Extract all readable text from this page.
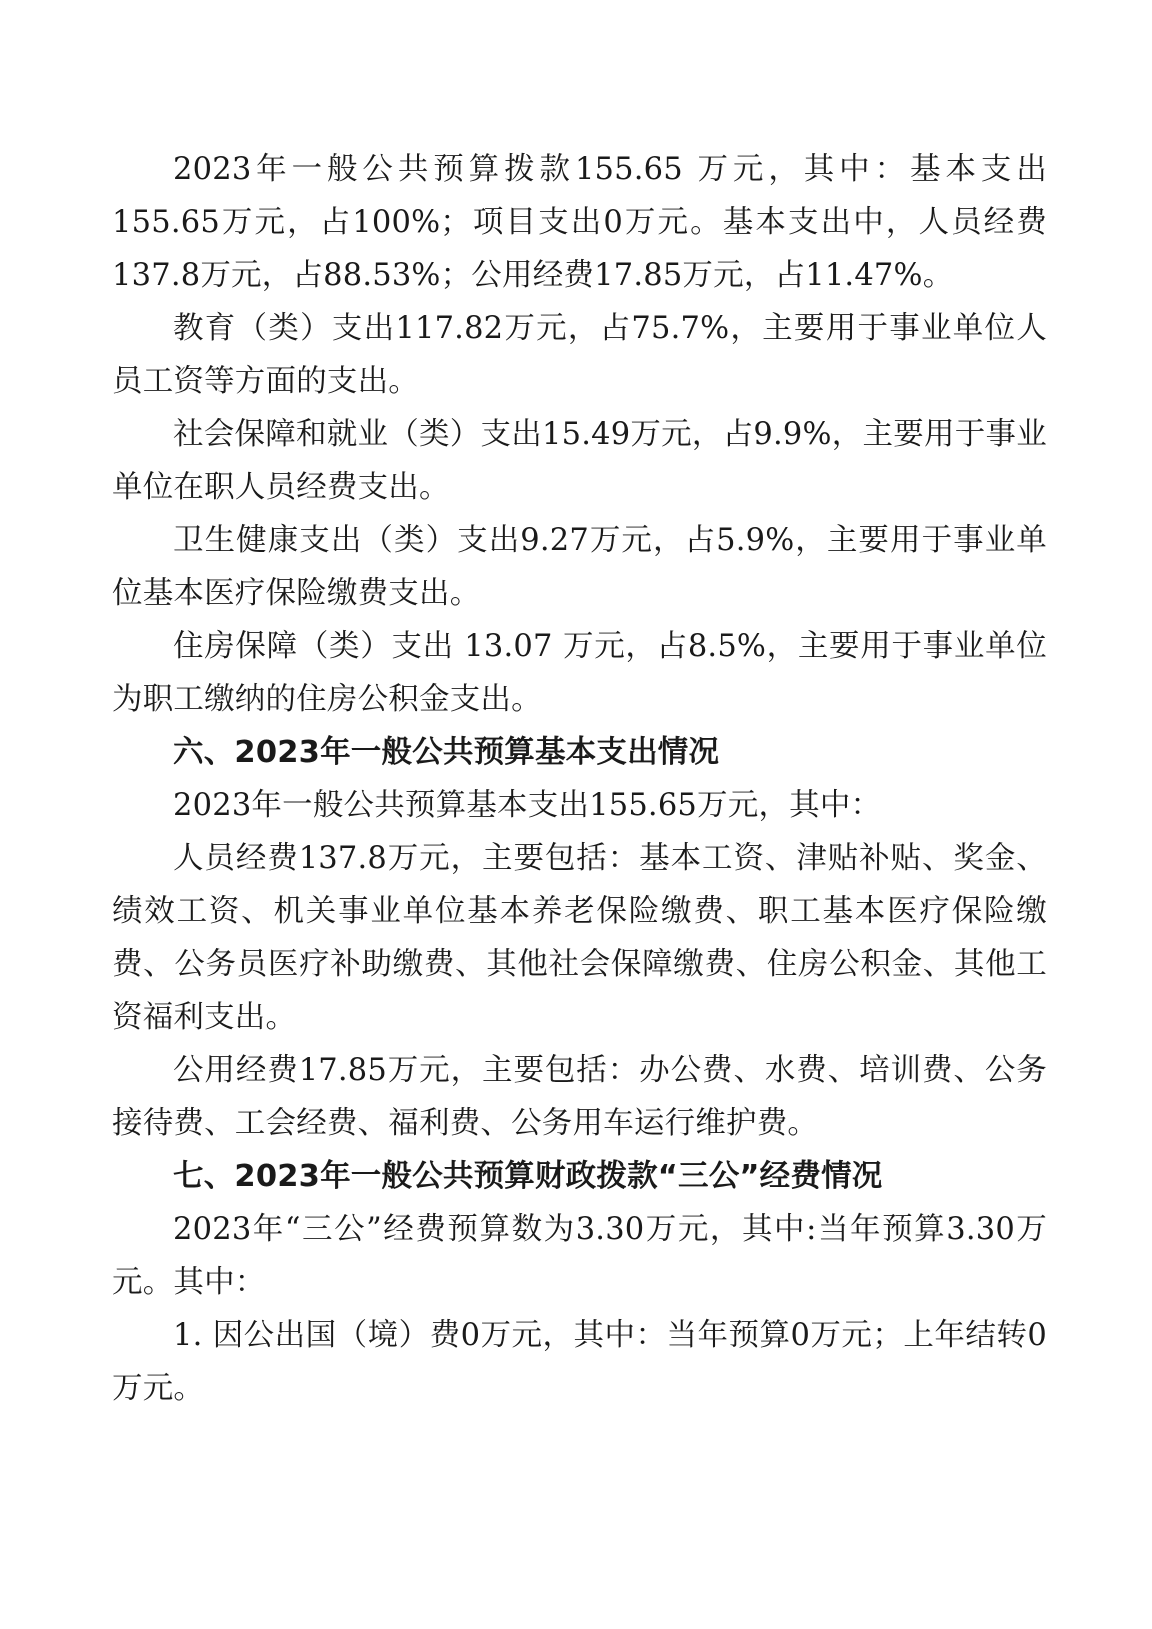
2023年一般公共预算拨款155.65 万元，其中：基本支出155.65万元，占100%；项目支出0万元。基本支出中，人员经费137.8万元，占88.53%；公用经费17.85万元，占11.47%。

教育（类）支出117.82万元，占75.7%，主要用于事业单位人员工资等方面的支出。

社会保障和就业（类）支出15.49万元，占9.9%，主要用于事业单位在职人员经费支出。

卫生健康支出（类）支出9.27万元，占5.9%，主要用于事业单位基本医疗保险缴费支出。

住房保障（类）支出 13.07 万元，占8.5%，主要用于事业单位为职工缴纳的住房公积金支出。

六、2023年一般公共预算基本支出情况

2023年一般公共预算基本支出155.65万元，其中：

人员经费137.8万元，主要包括：基本工资、津贴补贴、奖金、绩效工资、机关事业单位基本养老保险缴费、职工基本医疗保险缴费、公务员医疗补助缴费、其他社会保障缴费、住房公积金、其他工资福利支出。

公用经费17.85万元，主要包括：办公费、水费、培训费、公务接待费、工会经费、福利费、公务用车运行维护费。

七、2023年一般公共预算财政拨款“三公”经费情况

2023年“三公”经费预算数为3.30万元，其中:当年预算3.30万元。其中：

1. 因公出国（境）费0万元，其中：当年预算0万元；上年结转0万元。
